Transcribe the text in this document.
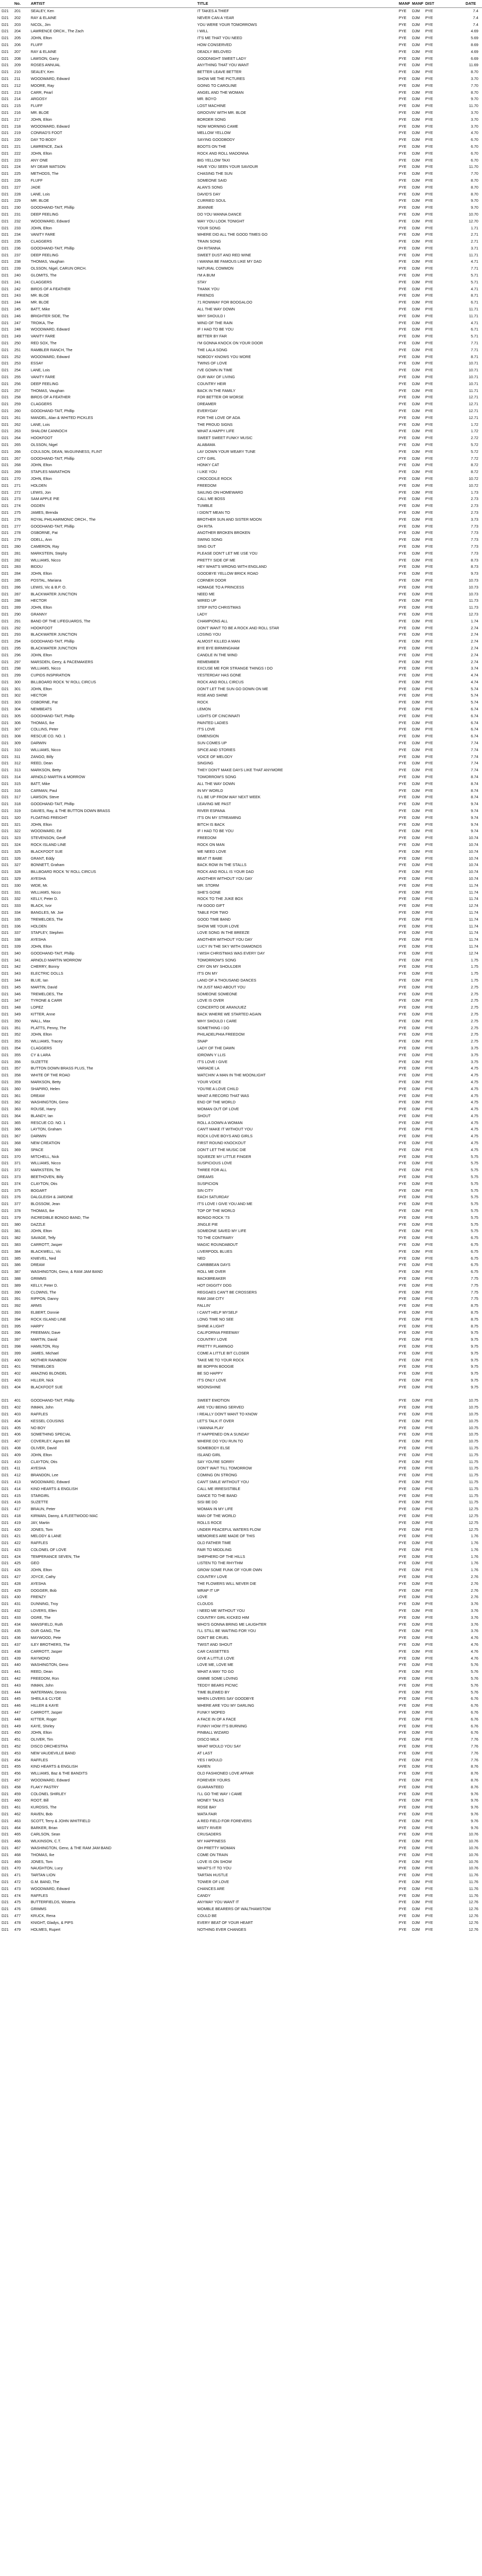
No.	ARTIST	TITLE	MANF MANF DIST	DATE
D21	201	SEALEY, Ken	IT TAKES A THIEF	PYE	DJM	PYE	7.4
D21	202	RAY & ELAINE	NEVER CAN A YEAR	PYE	DJM	PYE	7.4
D21	203	NICOL, Jim	YOU WERE YOUR TOMORROWS	PYE	DJM	PYE	7.4
D21	204	LAWRENCE ORCH., The Zach	I WILL	PYE	DJM	PYE	4.69
D21	205	JOHN, Elton	IT'S ME THAT YOU NEED	PYE	DJM	PYE	5.69
D21	206	FLUFF	HOW CONSERVED	PYE	DJM	PYE	8.69
D21	207	RAY & ELAINE	DEADLY BELOVED	PYE	DJM	PYE	4.69
D21	208	LAWSON, Garry	GOODNIGHT SWEET LADY	PYE	DJM	PYE	6.69
D21	209	ROSES ANNUAL	ANYTHING THAT YOU WANT	PYE	DJM	PYE	11.69
D21	210	SEALEY, Ken	BETTER LEAVE BETTER	PYE	DJM	PYE	8.70
D21	211	WOODWARD, Edward	SHOW ME THE PICTURES	PYE	DJM	PYE	3.70
D21	212	MOORE, Ray	GOING TO CAROLINE	PYE	DJM	PYE	7.70
D21	213	CARR, Pearl	ANGEL AND THE WOMAN	PYE	DJM	PYE	8.70
D21	214	ARGOSY	MR. BOYO	PYE	DJM	PYE	9.70
D21	215	FLUFF	LOST MACHINE	PYE	DJM	PYE	11.70
D21	216	MR. BLOE	GROOVIN' WITH MR. BLOE	PYE	DJM	PYE	3.70
D21	217	JOHN, Elton	BORDER SONG	PYE	DJM	PYE	3.70
D21	218	WOODWARD, Edward	NOW MORNING CAME	PYE	DJM	PYE	3.70
D21	219	CONRAD'S FOOT	MELLOW YELLOW	PYE	DJM	PYE	4.70
D21	220	DAY TO BODY	SAYING GOODBODY	PYE	DJM	PYE	6.70
D21	221	LAWRENCE, Zack	BOOTS ON THE	PYE	DJM	PYE	6.70
D21	222	JOHN, Elton	ROCK AND ROLL MADONNA	PYE	DJM	PYE	6.70
D21	223	ANY ONE	BIG YELLOW TAXI	PYE	DJM	PYE	6.70
D21	224	MY DEAR WATSON	HAVE YOU SEEN YOUR SAVIOUR	PYE	DJM	PYE	11.70
D21	225	METHODS, The	CHASING THE SUN	PYE	DJM	PYE	7.70
D21	226	FLUFF	SOMEONE SAID	PYE	DJM	PYE	8.70
D21	227	JADE	ALAN'S SONG	PYE	DJM	PYE	8.70
D21	228	LANE, Lois	DAVID'S DAY	PYE	DJM	PYE	8.70
D21	229	MR. BLOE	CURRIED SOUL	PYE	DJM	PYE	9.70
D21	230	GOODHAND-TAIT, Phillip	JEANNIE	PYE	DJM	PYE	9.70
D21	231	DEEP FEELING	DO YOU WANNA DANCE	PYE	DJM	PYE	10.70
D21	232	WOODWARD, Edward	WAY YOU LOOK TONIGHT	PYE	DJM	PYE	12.70
D21	233	JOHN, Elton	YOUR SONG	PYE	DJM	PYE	1.71
D21	234	VANITY FARE	WHERE DID ALL THE GOOD TIMES GO	PYE	DJM	PYE	2.71
D21	235	CLAGGERS	TRAIN SONG	PYE	DJM	PYE	2.71
D21	236	GOODHAND-TAIT, Phillip	OH RITANNA	PYE	DJM	PYE	3.71
D21	237	DEEP FEELING	SWEET DUST AND RED WINE	PYE	DJM	PYE	11.71
D21	238	THOMAS, Vaughan	I WANNA BE FAMOUS LIKE MY DAD	PYE	DJM	PYE	4.71
D21	239	OLSSON, Nigel, CARUN ORCH.	NATURAL COMMON	PYE	DJM	PYE	7.71
D21	240	GLOMITS, The	I'M A BUM	PYE	DJM	PYE	5.71
D21	241	CLAGGERS	STAY	PYE	DJM	PYE	5.71
D21	242	BIRDS OF A FEATHER	THANK YOU	PYE	DJM	PYE	4.71
D21	243	MR. BLOE	FRIENDS	PYE	DJM	PYE	8.71
D21	244	MR. BLOE	71 ROWWAY FOR BOOGALOO	PYE	DJM	PYE	6.71
D21	245	BATT, Mike	ALL THE WAY DOWN	PYE	DJM	PYE	11.71
D21	246	BRIGHTER SIDE, The	WHY SHOULD I	PYE	DJM	PYE	11.71
D21	247	TROIKA, The	WIND OF THE RAIN	PYE	DJM	PYE	4.71
D21	248	WOODWARD, Edward	IF I HAD TO BE YOU	PYE	DJM	PYE	6.71
D21	249	VANITY FARE	BETTER BY FAR	PYE	DJM	PYE	5.71
D21	250	RED SOX, The	I'M GONNA KNOCK ON YOUR DOOR	PYE	DJM	PYE	7.71
D21	251	RAMBLER RANCH, The	THE LALA SONG	PYE	DJM	PYE	7.71
D21	252	WOODWARD, Edward	NOBODY KNOWS YOU MORE	PYE	DJM	PYE	8.71
D21	253	ESSAY	TWINS OF LOVE	PYE	DJM	PYE	10.71
D21	254	LANE, Lois	I'VE GOWN IN TIME	PYE	DJM	PYE	10.71
D21	255	VANITY FARE	OUR WAY OF LIVING	PYE	DJM	PYE	10.71
D21	256	DEEP FEELING	COUNTRY HEIR	PYE	DJM	PYE	10.71
D21	257	THOMAS, Vaughan	BACK IN THE FAMILY	PYE	DJM	PYE	11.71
D21	258	BIRDS OF A FEATHER	FOR BETTER OR WORSE	PYE	DJM	PYE	12.71
D21	259	CLAGGERS	DREAMER	PYE	DJM	PYE	12.71
D21	260	GOODHAND-TAIT, Phillip	EVERYDAY	PYE	DJM	PYE	12.71
D21	261	MANDEL, Alan & WHITED PICKLES	FOR THE LOVE OF ADA	PYE	DJM	PYE	12.71
D21	262	LANE, Lois	THE PROUD SIGNS	PYE	DJM	PYE	1.72
D21	263	SHALOM CANNOCH	WHAT A HAPPY LIFE	PYE	DJM	PYE	1.72
D21	264	HOOKFOOT	SWEET SWEET FUNKY MUSIC	PYE	DJM	PYE	2.72
D21	265	OLSSON, Nigel	ALABAMA	PYE	DJM	PYE	5.72
D21	266	COULSON, DEAN, McGUINNESS, FLINT	LAY DOWN YOUR WEARY TUNE	PYE	DJM	PYE	5.72
D21	267	GOODHAND-TAIT, Phillip	CITY GIRL	PYE	DJM	PYE	7.72
D21	268	JOHN, Elton	HONKY CAT	PYE	DJM	PYE	8.72
D21	269	STAPLES MARATHON	I LIKE YOU	PYE	DJM	PYE	8.72
D21	270	JOHN, Elton	CROCODILE ROCK	PYE	DJM	PYE	10.72
D21	271	HOLDEN	FREEDOM	PYE	DJM	PYE	10.72
D21	272	LEWIS, Jon	SAILING ON HOMEWARD	PYE	DJM	PYE	1.73
D21	273	SAM APPLE PIE	CALL ME BOSS	PYE	DJM	PYE	2.73
D21	274	OGDEN	TUMBLE	PYE	DJM	PYE	2.73
D21	275	JAMES, Brenda	I DIDN'T MEAN TO	PYE	DJM	PYE	2.73
D21	276	ROYAL PHILHARMONIC ORCH., The	BROTHER SUN AND SISTER MOON	PYE	DJM	PYE	3.73
D21	277	GOODHAND-TAIT, Phillip	OH RITA	PYE	DJM	PYE	7.73
D21	278	OSBORNE, Pat	ANOTHER BROKEN BROKEN	PYE	DJM	PYE	7.73
D21	279	ODELL, Ann	SWING SONG	PYE	DJM	PYE	7.73
D21	280	CAMERON, Ray	SING OUT	PYE	DJM	PYE	7.73
D21	281	MARKSTEIN, Stephy	PLEASE DON'T LET ME USE YOU	PYE	DJM	PYE	7.73
D21	282	WILLIAMS, Nicco	PRETTY SIDE OF ME	PYE	DJM	PYE	8.73
D21	283	BIDDU	HEY WHAT'S WRONG WITH ENGLAND	PYE	DJM	PYE	8.73
D21	284	JOHN, Elton	GOODBYE YELLOW BRICK ROAD	PYE	DJM	PYE	9.73
D21	285	POSTAL, Mariana	CORNER DOOR	PYE	DJM	PYE	10.73
D21	286	LEWIS, Vic & B.P. O.	HOMAGE TO A PRINCESS	PYE	DJM	PYE	10.73
D21	287	BLACKWATER JUNCTION	NEED ME	PYE	DJM	PYE	10.73
D21	288	HECTOR	WIRED UP	PYE	DJM	PYE	11.73
D21	289	JOHN, Elton	STEP INTO CHRISTMAS	PYE	DJM	PYE	11.73
D21	290	GRANNY	LADY	PYE	DJM	PYE	12.73
D21	291	BAND OF THE LIFEGUARDS, The	CHAMPIONS ALL	PYE	DJM	PYE	1.74
D21	292	HOOKFOOT	DON'T WANT TO BE A ROCK AND ROLL STAR	PYE	DJM	PYE	2.74
D21	293	BLACKWATER JUNCTION	LOSING YOU	PYE	DJM	PYE	2.74
D21	294	GOODHAND-TAIT, Phillip	ALMOST KILLED A MAN	PYE	DJM	PYE	2.74
D21	295	BLACKWATER JUNCTION	BYE BYE BIRMINGHAM	PYE	DJM	PYE	2.74
D21	296	JOHN, Elton	CANDLE IN THE WIND	PYE	DJM	PYE	2.74
D21	297	MARSDEN, Gerry, & PACEMAKERS	REMEMBER	PYE	DJM	PYE	2.74
D21	298	WILLIAMS, Nicco	EXCUSE ME FOR STRANGE THINGS I DO	PYE	DJM	PYE	3.74
D21	299	CUPIDS INSPIRATION	YESTERDAY HAS GONE	PYE	DJM	PYE	4.74
D21	300	BILLBOARD ROCK 'N' ROLL CIRCUS	ROCK AND ROLL CIRCUS	PYE	DJM	PYE	4.74
D21	301	JOHN, Elton	DON'T LET THE SUN GO DOWN ON ME	PYE	DJM	PYE	5.74
D21	302	HECTOR	RISE AND SHINE	PYE	DJM	PYE	5.74
D21	303	OSBORNE, Pat	ROCK	PYE	DJM	PYE	5.74
D21	304	NEWBEATS	LEMON	PYE	DJM	PYE	6.74
D21	305	GOODHAND-TAIT, Phillip	LIGHTS OF CINCINNATI	PYE	DJM	PYE	6.74
D21	306	THOMAS, Ike	PAINTED LADIES	PYE	DJM	PYE	6.74
D21	307	COLLINS, Peter	IT'S LOVE	PYE	DJM	PYE	6.74
D21	308	RESCUE CO. NO. 1	DIMENSION	PYE	DJM	PYE	6.74
D21	309	DARWIN	SUN COMES UP	PYE	DJM	PYE	7.74
D21	310	WILLIAMS, Nicco	SPICE AND STORIES	PYE	DJM	PYE	7.74
D21	311	ZANGO, Billy	VOICE OF MELODY	PYE	DJM	PYE	7.74
D21	312	REED, Dean	SINGING	PYE	DJM	PYE	7.74
D21	313	MARKSON, Betty	THEY DON'T MAKE DAYS LIKE THAT ANYMORE	PYE	DJM	PYE	7.74
D21	314	ARNOLD MARTIN & MORROW	TOMORROW'S SONG	PYE	DJM	PYE	8.74
D21	315	BATT, Mike	ALL THE WAY DOWN	PYE	DJM	PYE	8.74
D21	316	CARMAN, Paul	IN MY WORLD	PYE	DJM	PYE	8.74
D21	317	LAWSON, Steve	I'LL BE UP FROM WAY NEXT WEEK	PYE	DJM	PYE	8.74
D21	318	GOODHAND-TAIT, Phillip	LEAVING ME PAST	PYE	DJM	PYE	9.74
D21	319	DAVIES, Ray, & THE BUTTON DOWN BRASS	RIVER ESPANA	PYE	DJM	PYE	9.74
D21	320	FLOATING FREIGHT	IT'S ON MY STREAMING	PYE	DJM	PYE	9.74
D21	321	JOHN, Elton	BITCH IS BACK	PYE	DJM	PYE	9.74
D21	322	WOODWARD, Ed	IF I HAD TO BE YOU	PYE	DJM	PYE	9.74
D21	323	STEVENSON, Geoff	FREEDOM	PYE	DJM	PYE	10.74
D21	324	ROCK ISLAND LINE	ROCK ON MAN	PYE	DJM	PYE	10.74
D21	325	BLACKFOOT SUE	WE NEED LOVE	PYE	DJM	PYE	10.74
D21	326	GRANT, Eddy	BEAT IT BABE	PYE	DJM	PYE	10.74
D21	327	BONNETT, Graham	BACK ROW IN THE STALLS	PYE	DJM	PYE	10.74
D21	328	BILLBOARD ROCK 'N' ROLL CIRCUS	ROCK AND ROLL IS YOUR DAD	PYE	DJM	PYE	10.74
D21	329	AYESHA	ANOTHER WITHOUT YOU DAY	PYE	DJM	PYE	10.74
D21	330	WIDE, Mr.	MR. STORM	PYE	DJM	PYE	11.74
D21	331	WILLIAMS, Nicco	SHE'S GONE	PYE	DJM	PYE	11.74
D21	332	KELLY, Peter D.	ROCK TO THE JUKE BOX	PYE	DJM	PYE	11.74
D21	333	BLACK, Ivor	I'M GOOD GIFT	PYE	DJM	PYE	12.74
D21	334	BANGLES, Mr. Joe	TABLE FOR TWO	PYE	DJM	PYE	11.74
D21	335	TREMELOES, The	GOOD TIME BAND	PYE	DJM	PYE	11.74
D21	336	HOLDEN	SHOW ME YOUR LOVE	PYE	DJM	PYE	11.74
D21	337	STAPLEY, Stephen	LOVE SONG IN THE BREEZE	PYE	DJM	PYE	11.74
D21	338	AYESHA	ANOTHER WITHOUT YOU DAY	PYE	DJM	PYE	11.74
D21	339	JOHN, Elton	LUCY IN THE SKY WITH DIAMONDS	PYE	DJM	PYE	11.74
D21	340	GOODHAND-TAIT, Phillip	I WISH CHRISTMAS WAS EVERY DAY	PYE	DJM	PYE	12.74
D21	341	ARNOLD MARTIN MORROW	TOMORROW'S SONG	PYE	DJM	PYE	1.75
D21	342	CHERRY, Bonny	CRY ON MY SHOULDER	PYE	DJM	PYE	1.75
D21	343	ELECTRIC DOLLS	IT'S ON MY	PYE	DJM	PYE	1.75
D21	344	BLUE, Ian	LAND OF A THOUSAND DANCES	PYE	DJM	PYE	1.75
D21	345	MARTIN, David	I'M JUST MAD ABOUT YOU	PYE	DJM	PYE	2.75
D21	346	TREMELOES, The	SOMEONE SOMEONE	PYE	DJM	PYE	2.75
D21	347	TYRONE & CARR	LOVE IS OVER	PYE	DJM	PYE	2.75
D21	348	LOPEZ	CONCERTO DE ARANJUEZ	PYE	DJM	PYE	2.75
D21	349	KITTER, Anne	BACK WHERE WE STARTED AGAIN	PYE	DJM	PYE	2.75
D21	350	WALL, Max	WHY SHOULD I CARE	PYE	DJM	PYE	2.75
D21	351	PLATTS, Penny, The	SOMETHING I DO	PYE	DJM	PYE	2.75
D21	352	JOHN, Elton	PHILADELPHIA FREEDOM	PYE	DJM	PYE	2.75
D21	353	WILLIAMS, Tracey	SNAP	PYE	DJM	PYE	2.75
D21	354	CLAGGERS	LADY OF THE DAWN	PYE	DJM	PYE	3.75
D21	355	CY & LARA	IDROWN Y LLIS	PYE	DJM	PYE	3.75
D21	356	SUZETTE	IT'S LOVE I GIVE	PYE	DJM	PYE	3.75
D21	357	BUTTON DOWN BRASS PLUS, The	VARIADE LA	PYE	DJM	PYE	4.75
D21	358	WHITE OF THE ROAD	WATCHIN' A MAN IN THE MOONLIGHT	PYE	DJM	PYE	4.75
D21	359	MARKSON, Betty	YOUR VOICE	PYE	DJM	PYE	4.75
D21	360	SHAPIRO, Helen	YOU'RE A LOVE CHILD	PYE	DJM	PYE	4.75
D21	361	DREAM	WHAT A RECORD THAT WAS	PYE	DJM	PYE	4.75
D21	362	WASHINGTON, Geno	END OF THE WORLD	PYE	DJM	PYE	4.75
D21	363	ROUSE, Harry	WOMAN OUT OF LOVE	PYE	DJM	PYE	4.75
D21	364	BLANDY, Ian	SHOUT	PYE	DJM	PYE	4.75
D21	365	RESCUE CO. NO. 1	ROLL A DOWN A WOMAN	PYE	DJM	PYE	4.75
D21	366	LAYTON, Graham	CAN'T MAKE IT WITHOUT YOU	PYE	DJM	PYE	4.75
D21	367	DARWIN	ROCK LOVE BOYS AND GIRLS	PYE	DJM	PYE	4.75
D21	368	NEW CREATION	FIRST ROUND KNOCKOUT	PYE	DJM	PYE	4.75
D21	369	SPACE	DON'T LET THE MUSIC DIE	PYE	DJM	PYE	4.75
D21	370	MITCHELL, Nick	SQUEEZE MY LITTLE FINGER	PYE	DJM	PYE	5.75
D21	371	WILLIAMS, Nicco	SUSPICIOUS LOVE	PYE	DJM	PYE	5.75
D21	372	MARKSTEIN, Tet	THREE FOR ALL	PYE	DJM	PYE	5.75
D21	373	BEETHOVEN, Billy	DREAMS	PYE	DJM	PYE	5.75
D21	374	CLAYTON, Otis	SUSPICION	PYE	DJM	PYE	5.75
D21	375	BOGART	SIN CITY	PYE	DJM	PYE	5.75
D21	376	DALGLEISH & JARDINE	EACH SATURDAY	PYE	DJM	PYE	5.75
D21	377	BLOSSOM, Jean	IT'S LOVE I GIVE YOU AND ME	PYE	DJM	PYE	5.75
D21	378	THOMAS, Ike	TOP OF THE WORLD	PYE	DJM	PYE	5.75
D21	379	INCREDIBLE BONGO BAND, The	BONGO ROCK '73	PYE	DJM	PYE	5.75
D21	380	DAZZLE	JINGLE PIE	PYE	DJM	PYE	5.75
D21	381	JOHN, Elton	SOMEONE SAVED MY LIFE	PYE	DJM	PYE	5.75
D21	382	SAVAGE, Telly	TO THE CONTRARY	PYE	DJM	PYE	6.75
D21	383	CARROTT, Jasper	MAGIC ROUNDABOUT	PYE	DJM	PYE	6.75
D21	384	BLACKWELL, Vic	LIVERPOOL BLUES	PYE	DJM	PYE	6.75
D21	385	KNIEVEL, Ned	NED	PYE	DJM	PYE	6.75
D21	386	DREAM	CARIBBEAN DAYS	PYE	DJM	PYE	6.75
D21	387	WASHINGTON, Geno, & RAM JAM BAND	ROLL ME OVER	PYE	DJM	PYE	6.75
D21	388	GRIMMS	BACKBREAKER	PYE	DJM	PYE	7.75
D21	389	KELLY, Peter D.	HOT DIGGITY DOG	PYE	DJM	PYE	7.75
D21	390	CLOWNS, The	REGGAES CAN'T BE CROSSERS	PYE	DJM	PYE	7.75
D21	391	RIPPON, Danny	RAM JAM CITY	PYE	DJM	PYE	7.75
D21	392	ARMS	FALLIN'	PYE	DJM	PYE	8.75
D21	393	ELBERT, Donnie	I CAN'T HELP MYSELF	PYE	DJM	PYE	8.75
D21	394	ROCK ISLAND LINE	LONG TIME NO SEE	PYE	DJM	PYE	8.75
D21	395	HARPY	SHINE A LIGHT	PYE	DJM	PYE	8.75
D21	396	FREEMAN, Dave	CALIFORNIA FREEWAY	PYE	DJM	PYE	9.75
D21	397	MARTIN, David	COUNTRY LOVE	PYE	DJM	PYE	9.75
D21	398	HAMILTON, Roy	PRETTY FLAMINGO	PYE	DJM	PYE	9.75
D21	399	JAMES, Michael	COME A LITTLE BIT CLOSER	PYE	DJM	PYE	9.75
D21	400	MOTHER RAINBOW	TAKE ME TO YOUR ROCK	PYE	DJM	PYE	9.75
D21	401	TREMELOES	BE BOPPIN BOOGIE	PYE	DJM	PYE	9.75
D21	402	AMAZING BLONDEL	BE SO HAPPY	PYE	DJM	PYE	9.75
D21	403	HILLER, Nick	IT'S ONLY LOVE	PYE	DJM	PYE	9.75
D21	404	BLACKFOOT SUE	MOONSHINE	PYE	DJM	PYE	9.75
D21	401	GOODHAND-TAIT, Phillip	SWEET EMOTION	PYE	DJM	PYE	10.75
D21	402	INMAN, John	ARE YOU BEING SERVED	PYE	DJM	PYE	10.75
D21	403	RAFFLES	I REALLY DON'T WANT TO KNOW	PYE	DJM	PYE	10.75
D21	404	KESSEL COUSINS	LET'S TALK IT OVER	PYE	DJM	PYE	10.75
D21	405	NO BOY	I WANNA PLAY	PYE	DJM	PYE	10.75
D21	406	SOMETHING SPECIAL	IT HAPPENED ON A SUNDAY	PYE	DJM	PYE	10.75
D21	407	COVERLEY, Agnes Bill	WHERE DO YOU RUN TO	PYE	DJM	PYE	10.75
D21	408	OLIVER, David	SOMEBODY ELSE	PYE	DJM	PYE	11.75
D21	409	JOHN, Elton	ISLAND GIRL	PYE	DJM	PYE	11.75
D21	410	CLAYTON, Otis	SAY YOU'RE SORRY	PYE	DJM	PYE	11.75
D21	411	AYESHA	DON'T WAIT TILL TOMORROW	PYE	DJM	PYE	11.75
D21	412	BRANDON, Lee	COMING ON STRONG	PYE	DJM	PYE	11.75
D21	413	WOODWARD, Edward	CAN'T SMILE WITHOUT YOU	PYE	DJM	PYE	11.75
D21	414	KIND HEARTS & ENGLISH	CALL ME IRRESISTIBLE	PYE	DJM	PYE	11.75
D21	415	STARGIRL	DANCE TO THE BAND	PYE	DJM	PYE	11.75
D21	416	SUZETTE	SISI BE DO	PYE	DJM	PYE	11.75
D21	417	BRAUN, Peter	WOMAN IN MY LIFE	PYE	DJM	PYE	12.75
D21	418	KIRWAN, Danny, & FLEETWOOD MAC	MAN OF THE WORLD	PYE	DJM	PYE	12.75
D21	419	JAY, Martin	ROLLS ROCE	PYE	DJM	PYE	12.75
D21	420	JONES, Tom	UNDER PEACEFUL WATERS FLOW	PYE	DJM	PYE	12.75
D21	421	MELODY & LANE	MEMORIES ARE MADE OF THIS	PYE	DJM	PYE	1.76
D21	422	RAFFLES	OLD FATHER TIME	PYE	DJM	PYE	1.76
D21	423	COLONEL OF LOVE	FAIR TO MIDDLING	PYE	DJM	PYE	1.76
D21	424	TEMPERANCE SEVEN, The	SHEPHERD OF THE HILLS	PYE	DJM	PYE	1.76
D21	425	GEO	LISTEN TO THE RHYTHM	PYE	DJM	PYE	1.76
D21	426	JOHN, Elton	GROW SOME FUNK OF YOUR OWN	PYE	DJM	PYE	1.76
D21	427	JOYCE, Cathy	COUNTRY LOVE	PYE	DJM	PYE	2.76
D21	428	AYESHA	THE FLOWERS WILL NEVER DIE	PYE	DJM	PYE	2.76
D21	429	DOGGER, Bob	WRAP IT UP	PYE	DJM	PYE	2.76
D21	430	FRENZY	LOVE	PYE	DJM	PYE	2.76
D21	431	DUNNING, Troy	CLOUDS	PYE	DJM	PYE	3.76
D21	432	LOVERS, Ellen	I NEED ME WITHOUT YOU	PYE	DJM	PYE	3.76
D21	433	OGRE, The	COUNTRY GIRL KICKED HIM	PYE	DJM	PYE	3.76
D21	434	MANSFIELD, Ruth	WHO'S GONNA BRING ME LAUGHTER	PYE	DJM	PYE	3.76
D21	435	OUR GANG, The	I'LL STILL BE WAITING FOR YOU	PYE	DJM	PYE	3.76
D21	436	MAYWOOD, Pete	DON'T BE CRUEL	PYE	DJM	PYE	4.76
D21	437	ILEY BROTHERS, The	TWIST AND SHOUT	PYE	DJM	PYE	4.76
D21	438	CARROTT, Jasper	CAR CASSETTES	PYE	DJM	PYE	4.76
D21	439	RAYMOND	GIVE A LITTLE LOVE	PYE	DJM	PYE	4.76
D21	440	WASHINGTON, Geno	LOVE ME, LOVE ME	PYE	DJM	PYE	5.76
D21	441	REED, Dean	WHAT A WAY TO GO	PYE	DJM	PYE	5.76
D21	442	FREEDOM, Ron	GIMME SOME LOVING	PYE	DJM	PYE	5.76
D21	443	INMAN, John	TEDDY BEARS PICNIC	PYE	DJM	PYE	5.76
D21	444	WATERMAN, Dennis	TIME BLEWED BY	PYE	DJM	PYE	5.76
D21	445	SHEILA & CLYDE	WHEN LOVERS SAY GOODBYE	PYE	DJM	PYE	6.76
D21	446	HILLER & KAYE	WHERE ARE YOU MY DARLING	PYE	DJM	PYE	6.76
D21	447	CARROTT, Jasper	FUNKY MOPED	PYE	DJM	PYE	6.76
D21	448	KITTER, Roger	A FACE IN OF A FACE	PYE	DJM	PYE	6.76
D21	449	KAYE, Shirley	FUNNY HOW IT'S BURNING	PYE	DJM	PYE	6.76
D21	450	JOHN, Elton	PINBALL WIZARD	PYE	DJM	PYE	6.76
D21	451	OLIVER, Tim	DISCO MILK	PYE	DJM	PYE	7.76
D21	452	DISCO ORCHESTRA	WHAT WOULD YOU SAY	PYE	DJM	PYE	7.76
D21	453	NEW VAUDEVILLE BAND	AT LAST	PYE	DJM	PYE	7.76
D21	454	RAFFLES	YES I WOULD	PYE	DJM	PYE	7.76
D21	455	KIND HEARTS & ENGLISH	KAREN	PYE	DJM	PYE	8.76
D21	456	WILLIAMS, Baz & THE BANDITS	OLD FASHIONED LOVE AFFAIR	PYE	DJM	PYE	8.76
D21	457	WOODWARD, Edward	FOREVER YOURS	PYE	DJM	PYE	8.76
D21	458	FLAKY PASTRY	GUARANTEED	PYE	DJM	PYE	8.76
D21	459	COLONEL SHIRLEY	I'LL GO THE WAY I CAME	PYE	DJM	PYE	9.76
D21	460	ROOT, Bill	MONEY TALKS	PYE	DJM	PYE	9.76
D21	461	KUROSIS, The	ROSE BAY	PYE	DJM	PYE	9.76
D21	462	RAVEN, Bob	WATA FAIR	PYE	DJM	PYE	9.76
D21	463	SCOTT, Terry & JOHN WHITFIELD	A RED FIELD FOR FOREVERS	PYE	DJM	PYE	9.76
D21	464	BARKER, Brian	MISTY RIVER	PYE	DJM	PYE	9.76
D21	465	CARLSON, Sean	CRUSADERS	PYE	DJM	PYE	10.76
D21	466	WILKINSON, C.T.	MY HAPPINESS	PYE	DJM	PYE	10.76
D21	467	WASHINGTON, Geno, & THE RAM JAM BAND	OH PRETTY WOMAN	PYE	DJM	PYE	10.76
D21	468	THOMAS, Ike	COME ON TRAIN	PYE	DJM	PYE	10.76
D21	469	JONES, Tom	LOVE IS ON SHOW	PYE	DJM	PYE	10.76
D21	470	NAUGHTON, Lucy	WHAT'S IT TO YOU	PYE	DJM	PYE	10.76
D21	471	TARTAN LION	TARTAN HUSTLE	PYE	DJM	PYE	11.76
D21	472	G.M. BAND, The	TOWER OF LOVE	PYE	DJM	PYE	11.76
D21	473	WOODWARD, Edward	CHANCES ARE	PYE	DJM	PYE	11.76
D21	474	RAFFLES	CANDY	PYE	DJM	PYE	11.76
D21	475	BUTTERFIELDS, Wisteria	ANYWAY YOU WANT IT	PYE	DJM	PYE	12.76
D21	476	GRIMMS	WOMBLE BEARERS OF WALTHAMSTOW	PYE	DJM	PYE	12.76
D21	477	KRUCK, Rena	COULD BE	PYE	DJM	PYE	12.76
D21	478	KNIGHT, Gladys, & PIPS	EVERY BEAT OF YOUR HEART	PYE	DJM	PYE	12.76
D21	479	HOLMES, Rupert	NOTHING EVER CHANGES	PYE	DJM	PYE	12.76
